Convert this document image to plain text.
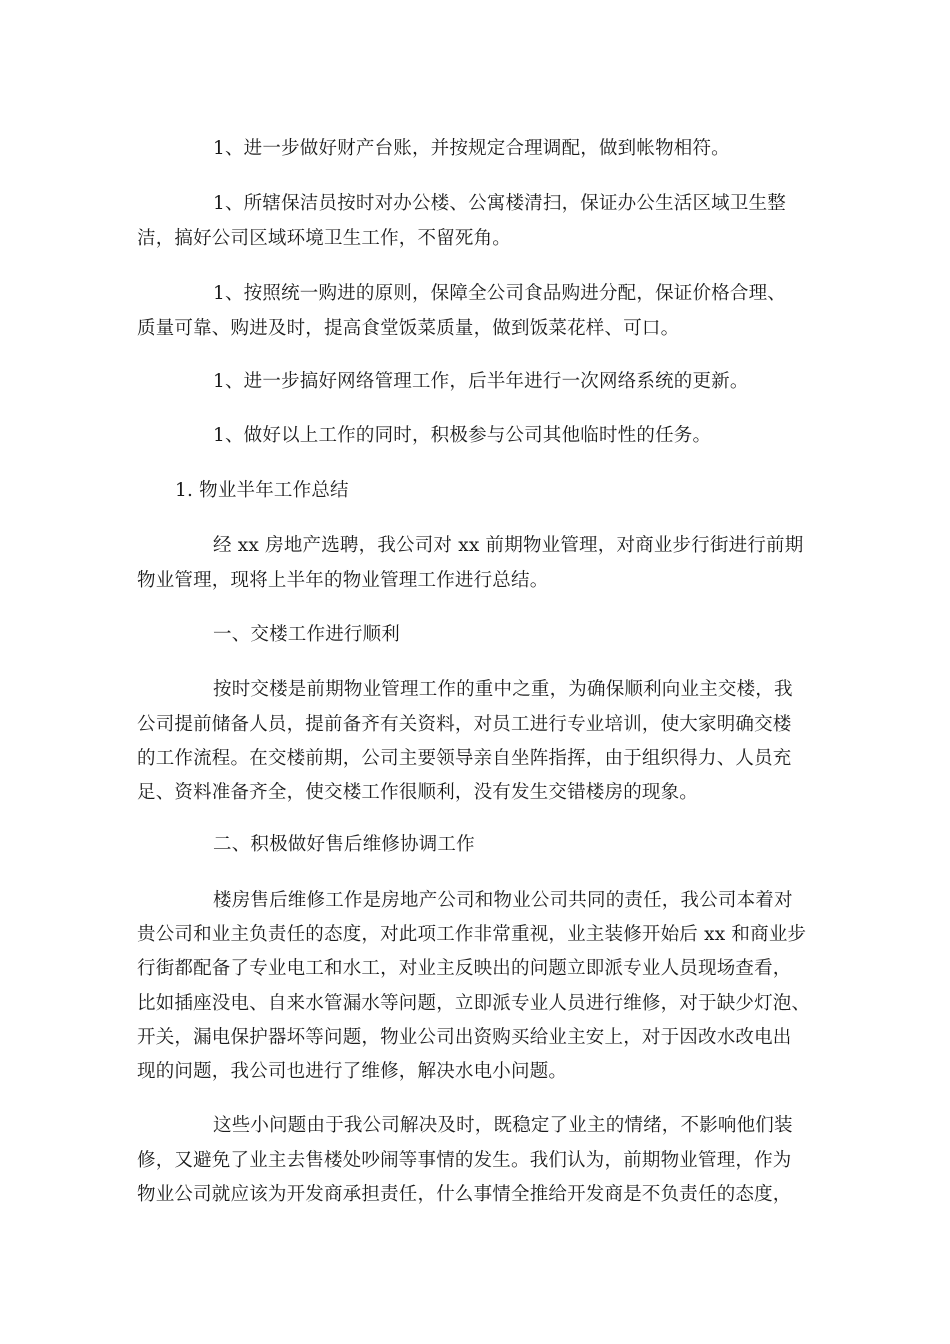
1、进一步做好财产台账，并按规定合理调配，做到帐物相符。
1、所辖保洁员按时对办公楼、公寓楼清扫，保证办公生活区域卫生整
洁，搞好公司区域环境卫生工作，不留死角。
1、按照统一购进的原则，保障全公司食品购进分配，保证价格合理、
质量可靠、购进及时，提高食堂饭菜质量，做到饭菜花样、可口。
1、进一步搞好网络管理工作，后半年进行一次网络系统的更新。
1、做好以上工作的同时，积极参与公司其他临时性的任务。
1. 物业半年工作总结
经 xx 房地产选聘，我公司对 xx 前期物业管理，对商业步行街进行前期
物业管理，现将上半年的物业管理工作进行总结。
一、交楼工作进行顺利
按时交楼是前期物业管理工作的重中之重，为确保顺利向业主交楼，我
公司提前储备人员，提前备齐有关资料，对员工进行专业培训，使大家明确交楼
的工作流程。在交楼前期，公司主要领导亲自坐阵指挥，由于组织得力、人员充
足、资料准备齐全，使交楼工作很顺利，没有发生交错楼房的现象。
二、积极做好售后维修协调工作
楼房售后维修工作是房地产公司和物业公司共同的责任，我公司本着对
贵公司和业主负责任的态度，对此项工作非常重视，业主装修开始后 xx 和商业步
行街都配备了专业电工和水工，对业主反映出的问题立即派专业人员现场查看，
比如插座没电、自来水管漏水等问题，立即派专业人员进行维修，对于缺少灯泡、
开关，漏电保护器坏等问题，物业公司出资购买给业主安上，对于因改水改电出
现的问题，我公司也进行了维修，解决水电小问题。
这些小问题由于我公司解决及时，既稳定了业主的情绪，不影响他们装
修，又避免了业主去售楼处吵闹等事情的发生。我们认为，前期物业管理，作为
物业公司就应该为开发商承担责任，什么事情全推给开发商是不负责任的态度，
